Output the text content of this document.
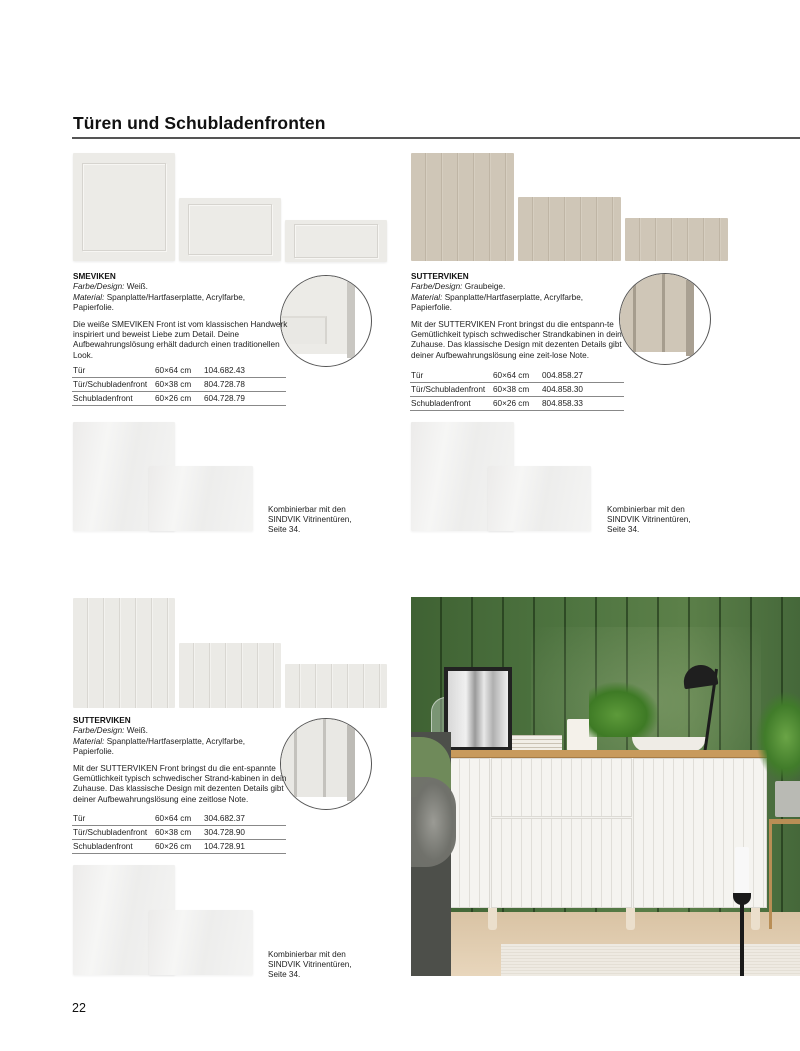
Türen und Schubladenfronten
SMEVIKEN
Farbe/Design: Weiß.
Material: Spanplatte/Hartfaserplatte, Acrylfarbe, Papierfolie.
Die weiße SMEVIKEN Front ist vom klassischen Handwerk inspiriert und beweist Liebe zum Detail. Deine Aufbewahrungslösung erhält dadurch einen traditionellen Look.
Tür	60×64 cm	104.682.43
Tür/Schubladenfront	60×38 cm	804.728.78
Schubladenfront	60×26 cm	604.728.79
Kombinierbar mit den SINDVIK Vitrinentüren, Seite 34.
SUTTERVIKEN
Farbe/Design: Graubeige.
Material: Spanplatte/Hartfaserplatte, Acrylfarbe, Papierfolie.
Mit der SUTTERVIKEN Front bringst du die entspann-te Gemütlichkeit typisch schwedischer Strandkabinen in dein Zuhause. Das klassische Design mit dezenten Details gibt deiner Aufbewahrungslösung eine zeit-lose Note.
Tür	60×64 cm	004.858.27
Tür/Schubladenfront	60×38 cm	404.858.30
Schubladenfront	60×26 cm	804.858.33
Kombinierbar mit den SINDVIK Vitrinentüren, Seite 34.
SUTTERVIKEN
Farbe/Design: Weiß.
Material: Spanplatte/Hartfaserplatte, Acrylfarbe, Papierfolie.
Mit der SUTTERVIKEN Front bringst du die ent-spannte Gemütlichkeit typisch schwedischer Strand-kabinen in dein Zuhause. Das klassische Design mit dezenten Details gibt deiner Aufbewahrungslösung eine zeitlose Note.
Tür	60×64 cm	304.682.37
Tür/Schubladenfront	60×38 cm	304.728.90
Schubladenfront	60×26 cm	104.728.91
Kombinierbar mit den SINDVIK Vitrinentüren, Seite 34.
22
